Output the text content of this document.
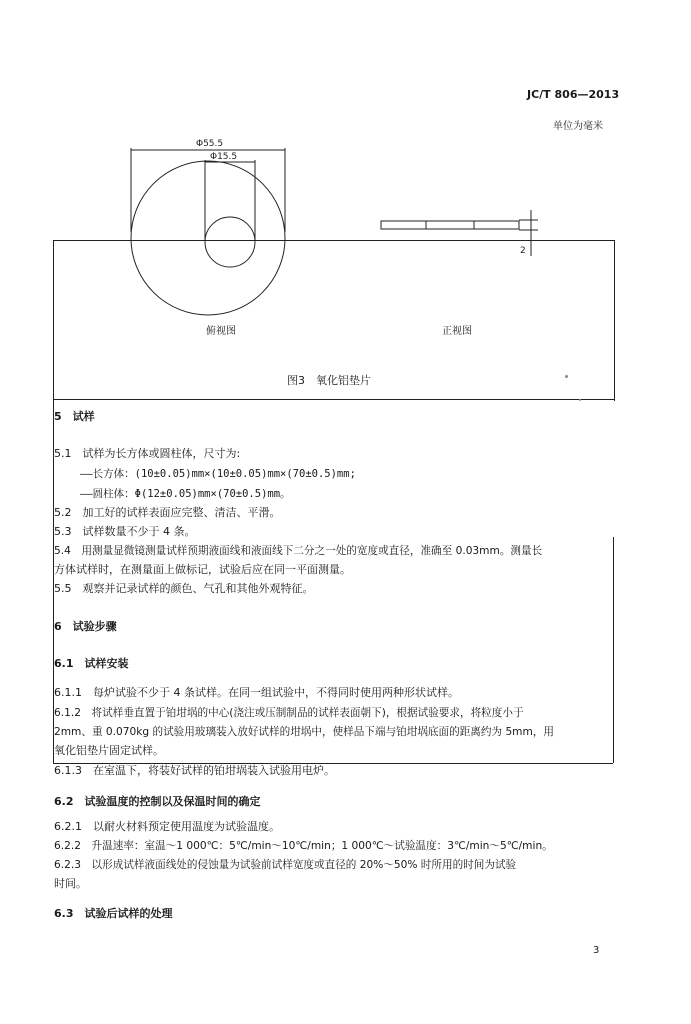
JC/T 806—2013
单位为毫米
Φ55.5
Φ15.5
2
俯视图	正视图
图3　氧化铝垫片
5　试样
5.1　试样为长方体或圆柱体，尺寸为:
——长方体：(10±0.05)mm×(10±0.05)mm×(70±0.5)mm;
——圆柱体：Φ(12±0.05)mm×(70±0.5)mm。
5.2　加工好的试样表面应完整、清洁、平滑。
5.3　试样数量不少于 4 条。
5.4　用测量显微镜测量试样预期液面线和液面线下二分之一处的宽度或直径，准确至 0.03mm。测量长
方体试样时，在测量面上做标记，试验后应在同一平面测量。
5.5　观察并记录试样的颜色、气孔和其他外观特征。
6　试验步骤
6.1　试样安装
6.1.1　每炉试验不少于 4 条试样。在同一组试验中，不得同时使用两种形状试样。
6.1.2　将试样垂直置于铂坩埚的中心(浇注或压制制品的试样表面朝下)，根据试验要求，将粒度小于
2mm、重 0.070kg 的试验用玻璃装入放好试样的坩埚中，使样品下端与铂坩埚底面的距离约为 5mm，用
氧化铝垫片固定试样。
6.1.3　在室温下，将装好试样的铂坩埚装入试验用电炉。
6.2　试验温度的控制以及保温时间的确定
6.2.1　以耐火材料预定使用温度为试验温度。
6.2.2　升温速率：室温～1 000℃：5℃/min～10℃/min；1 000℃～试验温度：3℃/min～5℃/min。
6.2.3　以形成试样液面线处的侵蚀量为试验前试样宽度或直径的 20%～50% 时所用的时间为试验
时间。
6.3　试验后试样的处理
3
